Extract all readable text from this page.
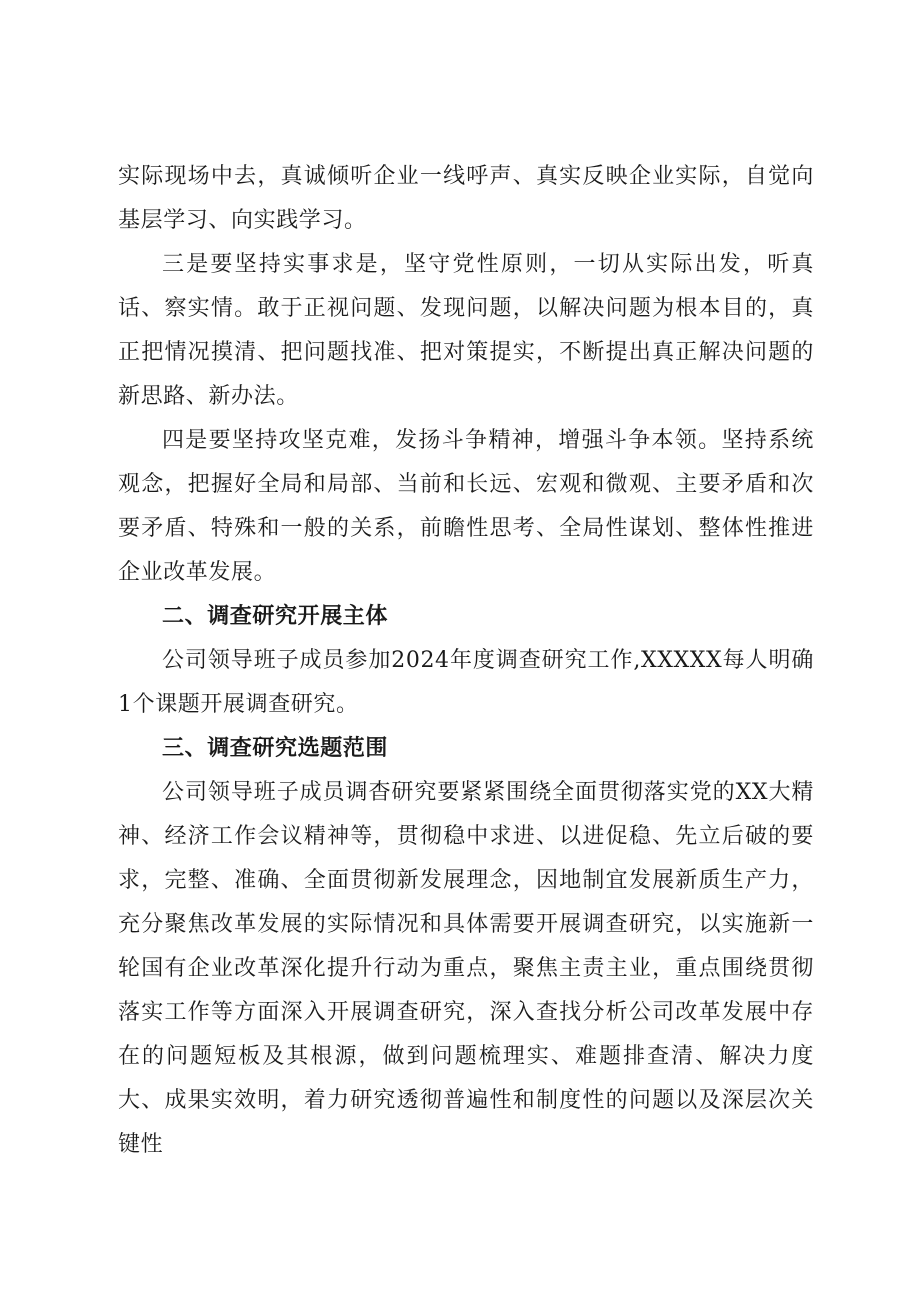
实际现场中去，真诚倾听企业一线呼声、真实反映企业实际，自觉向基层学习、向实践学习。

三是要坚持实事求是，坚守党性原则，一切从实际出发，听真话、察实情。敢于正视问题、发现问题，以解决问题为根本目的，真正把情况摸清、把问题找准、把对策提实，不断提出真正解决问题的新思路、新办法。

四是要坚持攻坚克难，发扬斗争精神，增强斗争本领。坚持系统观念，把握好全局和局部、当前和长远、宏观和微观、主要矛盾和次要矛盾、特殊和一般的关系，前瞻性思考、全局性谋划、整体性推进企业改革发展。

二、调查研究开展主体

公司领导班子成员参加2024年度调查研究工作,XXXXX每人明确1个课题开展调查研究。

三、调查研究选题范围

公司领导班子成员调杳研究要紧紧围绕全面贯彻落实党的XX大精神、经济工作会议精神等，贯彻稳中求进、以进促稳、先立后破的要求，完整、准确、全面贯彻新发展理念，因地制宜发展新质生产力，充分聚焦改革发展的实际情况和具体需要开展调查研究，以实施新一轮国有企业改革深化提升行动为重点，聚焦主责主业，重点围绕贯彻落实工作等方面深入开展调查研究，深入查找分析公司改革发展中存在的问题短板及其根源，做到问题梳理实、难题排查清、解决力度大、成果实效明，着力研究透彻普遍性和制度性的问题以及深层次关键性
